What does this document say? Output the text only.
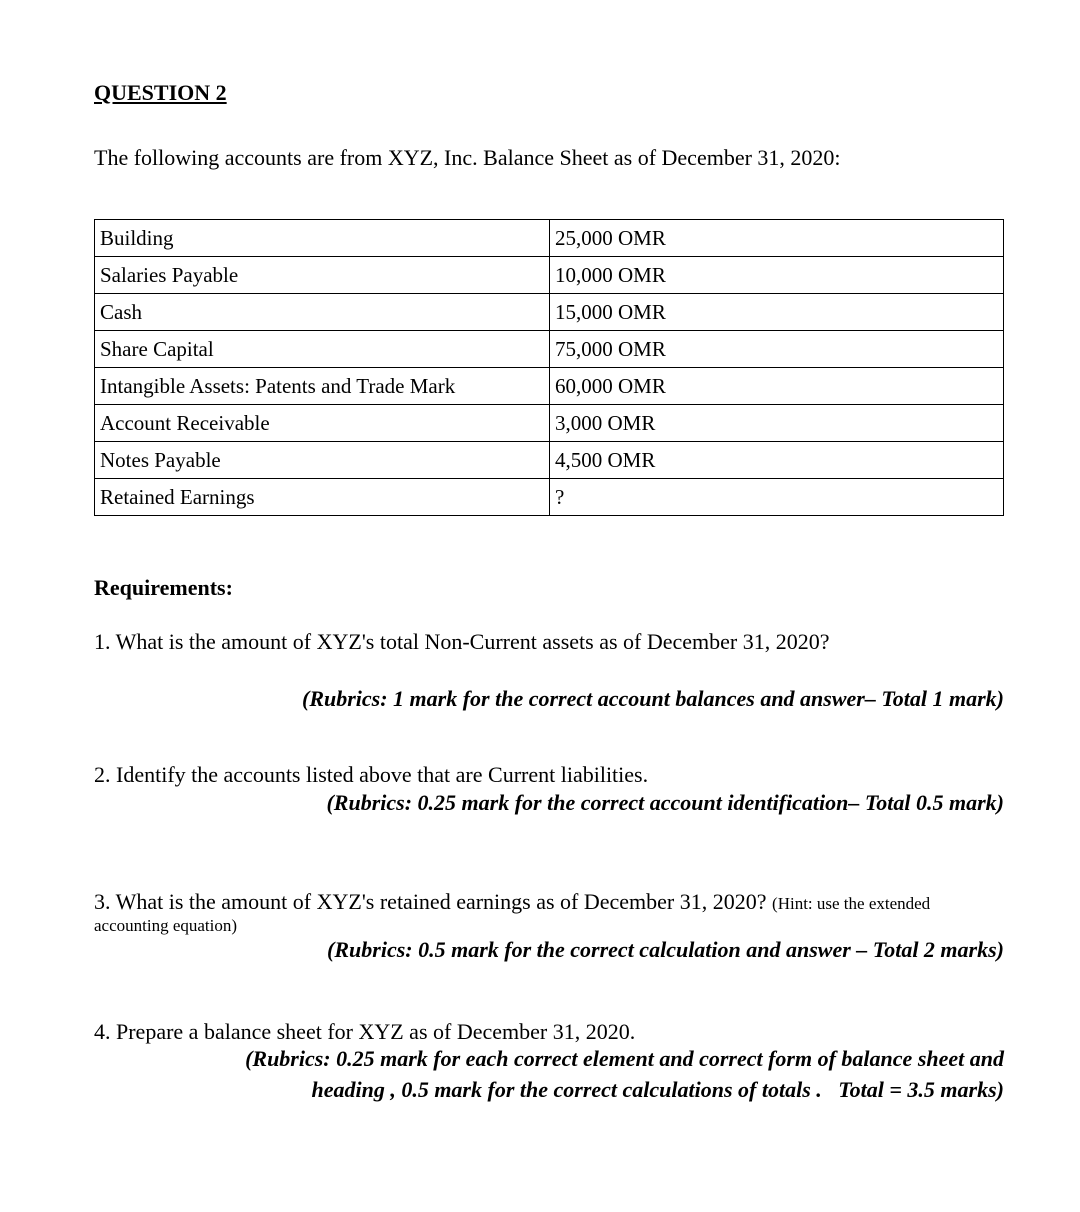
QUESTION 2
The following accounts are from XYZ, Inc. Balance Sheet as of December 31, 2020:
Building	25,000 OMR
Salaries Payable	10,000 OMR
Cash	15,000 OMR
Share Capital	75,000 OMR
Intangible Assets: Patents and Trade Mark	60,000 OMR
Account Receivable	3,000 OMR
Notes Payable	4,500 OMR
Retained Earnings	?
Requirements:
1. What is the amount of XYZ's total Non-Current assets as of December 31, 2020?
(Rubrics: 1 mark for the correct account balances and answer– Total 1 mark)
2. Identify the accounts listed above that are Current liabilities.
(Rubrics: 0.25 mark for the correct account identification– Total 0.5 mark)
3. What is the amount of XYZ's retained earnings as of December 31, 2020? (Hint: use the extended
accounting equation)
(Rubrics: 0.5 mark for the correct calculation and answer – Total 2 marks)
4. Prepare a balance sheet for XYZ as of December 31, 2020.
(Rubrics: 0.25 mark for each correct element and correct form of balance sheet and
heading , 0.5 mark for the correct calculations of totals .   Total = 3.5 marks)
